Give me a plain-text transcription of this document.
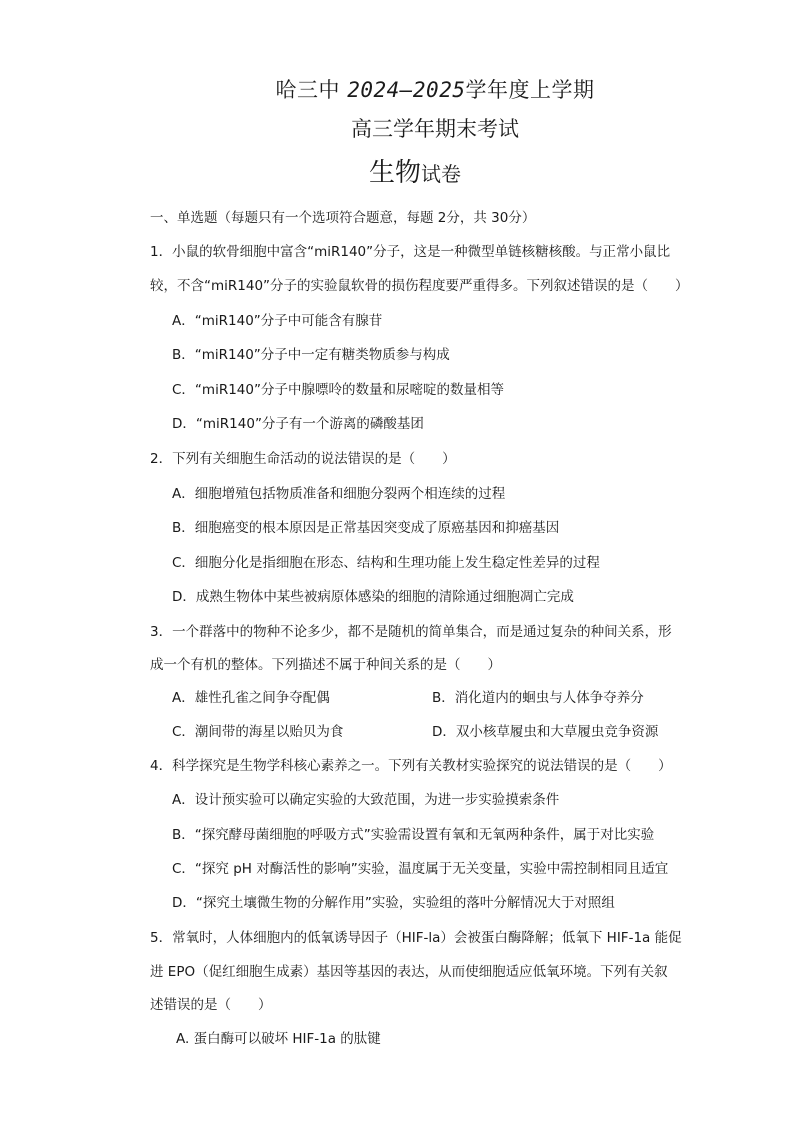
哈三中 2024—2025学年度上学期
高三学年期末考试
生物试卷
一、单选题（每题只有一个选项符合题意，每题 2分，共 30分）
1．小鼠的软骨细胞中富含“miR140”分子，这是一种微型单链核糖核酸。与正常小鼠比
较，不含“miR140”分子的实验鼠软骨的损伤程度要严重得多。下列叙述错误的是（　　）
A．“miR140”分子中可能含有腺苷
B．“miR140”分子中一定有糖类物质参与构成
C．“miR140”分子中腺嘌呤的数量和尿嘧啶的数量相等
D．“miR140”分子有一个游离的磷酸基团
2．下列有关细胞生命活动的说法错误的是（　　）
A．细胞增殖包括物质准备和细胞分裂两个相连续的过程
B．细胞癌变的根本原因是正常基因突变成了原癌基因和抑癌基因
C．细胞分化是指细胞在形态、结构和生理功能上发生稳定性差异的过程
D．成熟生物体中某些被病原体感染的细胞的清除通过细胞凋亡完成
3．一个群落中的物种不论多少，都不是随机的简单集合，而是通过复杂的种间关系，形
成一个有机的整体。下列描述不属于种间关系的是（　　）
A．雄性孔雀之间争夺配偶	B．消化道内的蛔虫与人体争夺养分
C．潮间带的海星以贻贝为食	D．双小核草履虫和大草履虫竞争资源
4．科学探究是生物学科核心素养之一。下列有关教材实验探究的说法错误的是（　　）
A．设计预实验可以确定实验的大致范围，为进一步实验摸索条件
B．“探究酵母菌细胞的呼吸方式”实验需设置有氧和无氧两种条件，属于对比实验
C．“探究 pH 对酶活性的影响”实验，温度属于无关变量，实验中需控制相同且适宜
D．“探究土壤微生物的分解作用”实验，实验组的落叶分解情况大于对照组
5．常氧时，人体细胞内的低氧诱导因子（HIF-la）会被蛋白酶降解；低氧下 HIF-1a 能促
进 EPO（促红细胞生成素）基因等基因的表达，从而使细胞适应低氧环境。下列有关叙
述错误的是（　　）
A. 蛋白酶可以破坏 HIF-1a 的肽键
